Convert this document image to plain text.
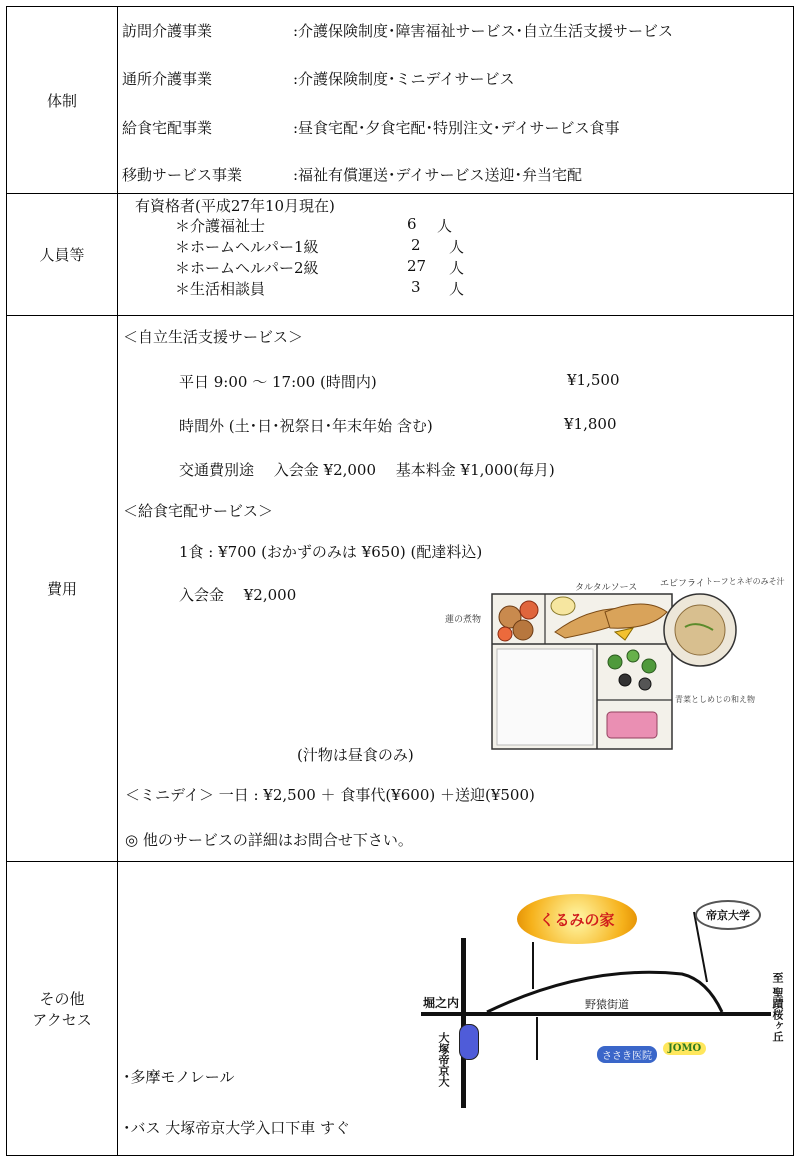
体制
訪問介護事業	:介護保険制度･障害福祉サービス･自立生活支援サービス
通所介護事業	:介護保険制度･ミニデイサービス
給食宅配事業	:昼食宅配･夕食宅配･特別注文･デイサービス食事
移動サービス事業	:福祉有償運送･デイサービス送迎･弁当宅配
人員等
有資格者(平成27年10月現在)
＊介護福祉士	6 人
＊ホームヘルパー1級	2 人
＊ホームヘルパー2級	27 人
＊生活相談員	3 人
費用
＜自立生活支援サービス＞
平日 9:00 ～ 17:00 (時間内)	¥1,500
時間外 (土･日･祝祭日･年末年始 含む)	¥1,800
交通費別途　 入会金 ¥2,000　 基本料金 ¥1,000(毎月)
＜給食宅配サービス＞
1食 : ¥700 (おかずのみは ¥650) (配達料込)
入会金　 ¥2,000
蓮の煮物
タルタルソース	エビフライ トーフとネギのみそ汁
青菜としめじの和え物
(汁物は昼食のみ)
＜ミニデイ＞ 一日 : ¥2,500 ＋ 食事代(¥600) ＋送迎(¥500)
◎ 他のサービスの詳細はお問合せ下さい。
その他
アクセス
くるみの家	帝京大学
堀之内	野猿街道
大塚帝京大	ささき医院
JOMO
至 聖蹟桜ヶ丘
･多摩モノレール
･バス 大塚帝京大学入口下車 すぐ
